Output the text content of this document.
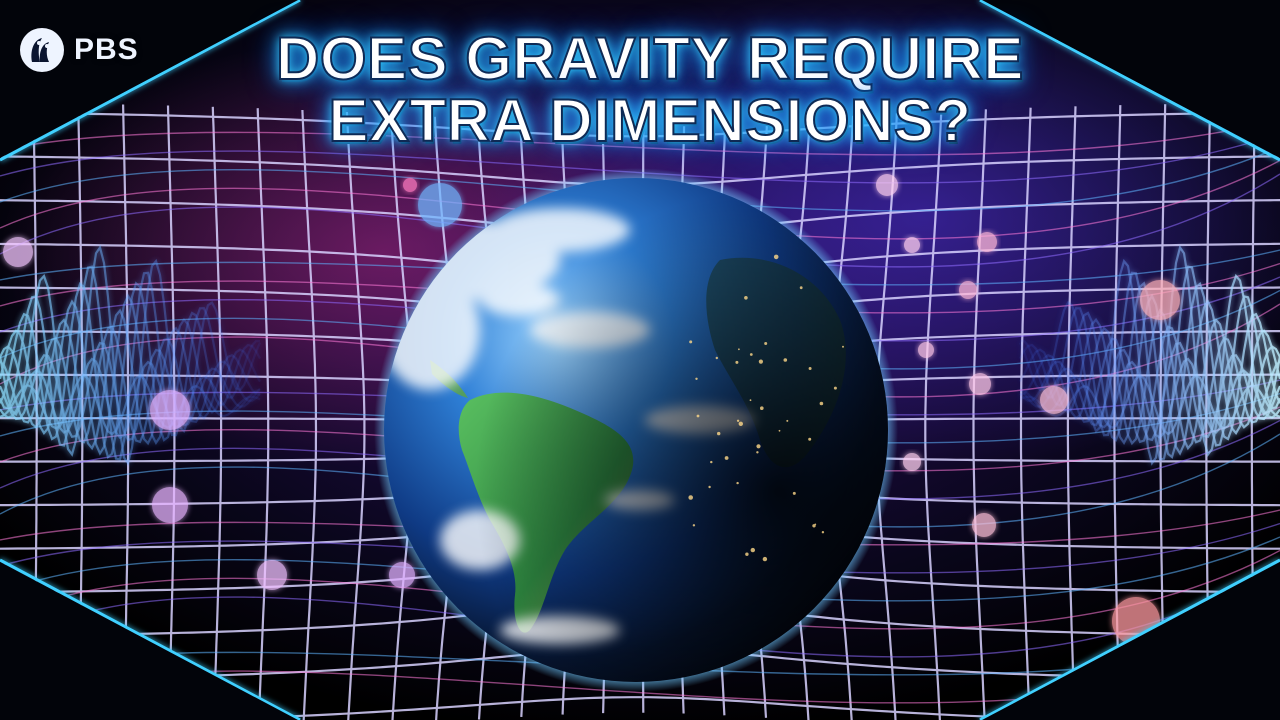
PBS	DOES GRAVITY REQUIRE
EXTRA DIMENSIONS?
